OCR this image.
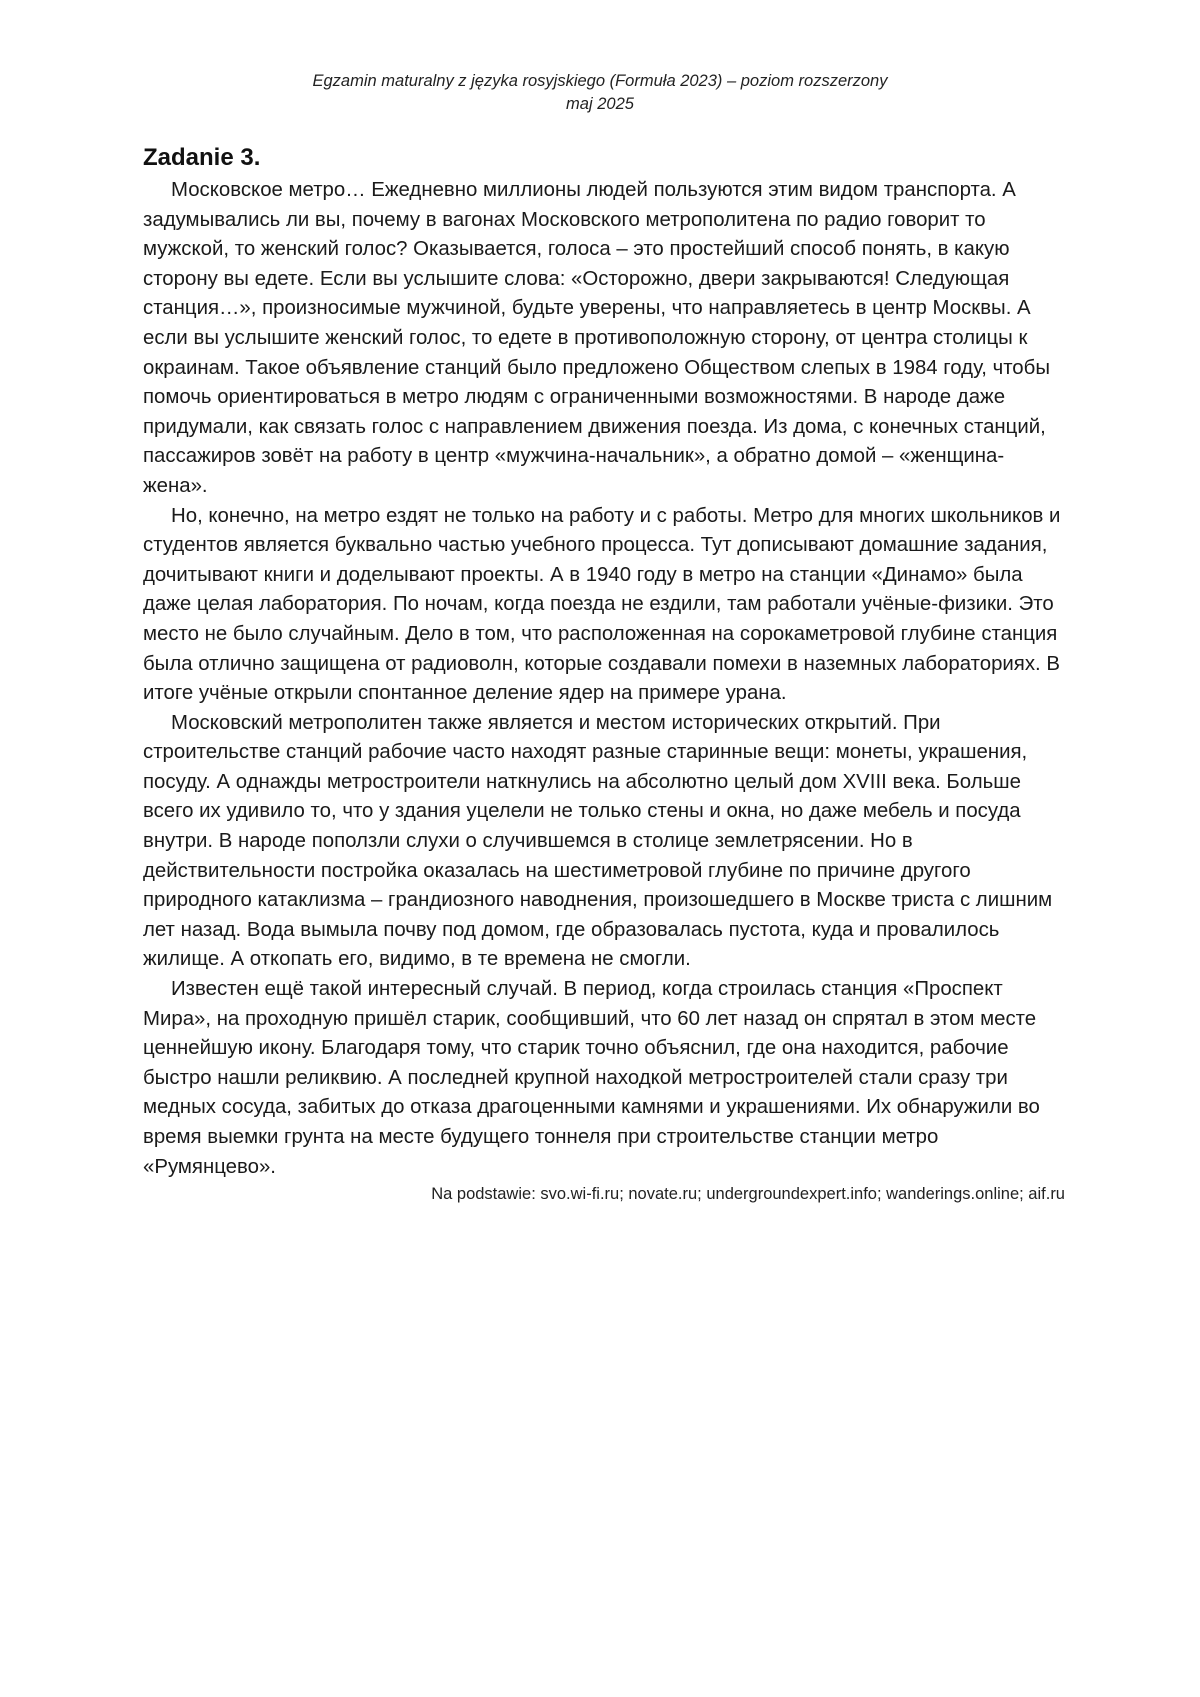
Egzamin maturalny z języka rosyjskiego (Formuła 2023) – poziom rozszerzony
maj 2025
Zadanie 3.

Московское метро… Ежедневно миллионы людей пользуются этим видом транспорта. А задумывались ли вы, почему в вагонах Московского метрополитена по радио говорит то мужской, то женский голос? Оказывается, голоса – это простейший способ понять, в какую сторону вы едете. Если вы услышите слова: «Осторожно, двери закрываются! Следующая станция…», произносимые мужчиной, будьте уверены, что направляетесь в центр Москвы. А если вы услышите женский голос, то едете в противоположную сторону, от центра столицы к окраинам. Такое объявление станций было предложено Обществом слепых в 1984 году, чтобы помочь ориентироваться в метро людям с ограниченными возможностями. В народе даже придумали, как связать голос с направлением движения поезда. Из дома, с конечных станций, пассажиров зовёт на работу в центр «мужчина-начальник», а обратно домой – «женщина-жена».

Но, конечно, на метро ездят не только на работу и с работы. Метро для многих школьников и студентов является буквально частью учебного процесса. Тут дописывают домашние задания, дочитывают книги и доделывают проекты. А в 1940 году в метро на станции «Динамо» была даже целая лаборатория. По ночам, когда поезда не ездили, там работали учёные-физики. Это место не было случайным. Дело в том, что расположенная на сорокаметровой глубине станция была отлично защищена от радиоволн, которые создавали помехи в наземных лабораториях. В итоге учёные открыли спонтанное деление ядер на примере урана.

Московский метрополитен также является и местом исторических открытий. При строительстве станций рабочие часто находят разные старинные вещи: монеты, украшения, посуду. А однажды метростроители наткнулись на абсолютно целый дом XVIII века. Больше всего их удивило то, что у здания уцелели не только стены и окна, но даже мебель и посуда внутри. В народе поползли слухи о случившемся в столице землетрясении. Но в действительности постройка оказалась на шестиметровой глубине по причине другого природного катаклизма – грандиозного наводнения, произошедшего в Москве триста с лишним лет назад. Вода вымыла почву под домом, где образовалась пустота, куда и провалилось жилище. А откопать его, видимо, в те времена не смогли.

Известен ещё такой интересный случай. В период, когда строилась станция «Проспект Мира», на проходную пришёл старик, сообщивший, что 60 лет назад он спрятал в этом месте ценнейшую икону. Благодаря тому, что старик точно объяснил, где она находится, рабочие быстро нашли реликвию. А последней крупной находкой метростроителей стали сразу три медных сосуда, забитых до отказа драгоценными камнями и украшениями. Их обнаружили во время выемки грунта на месте будущего тоннеля при строительстве станции метро «Румянцево».

Na podstawie: svo.wi-fi.ru; novate.ru; undergroundexpert.info; wanderings.online; aif.ru
